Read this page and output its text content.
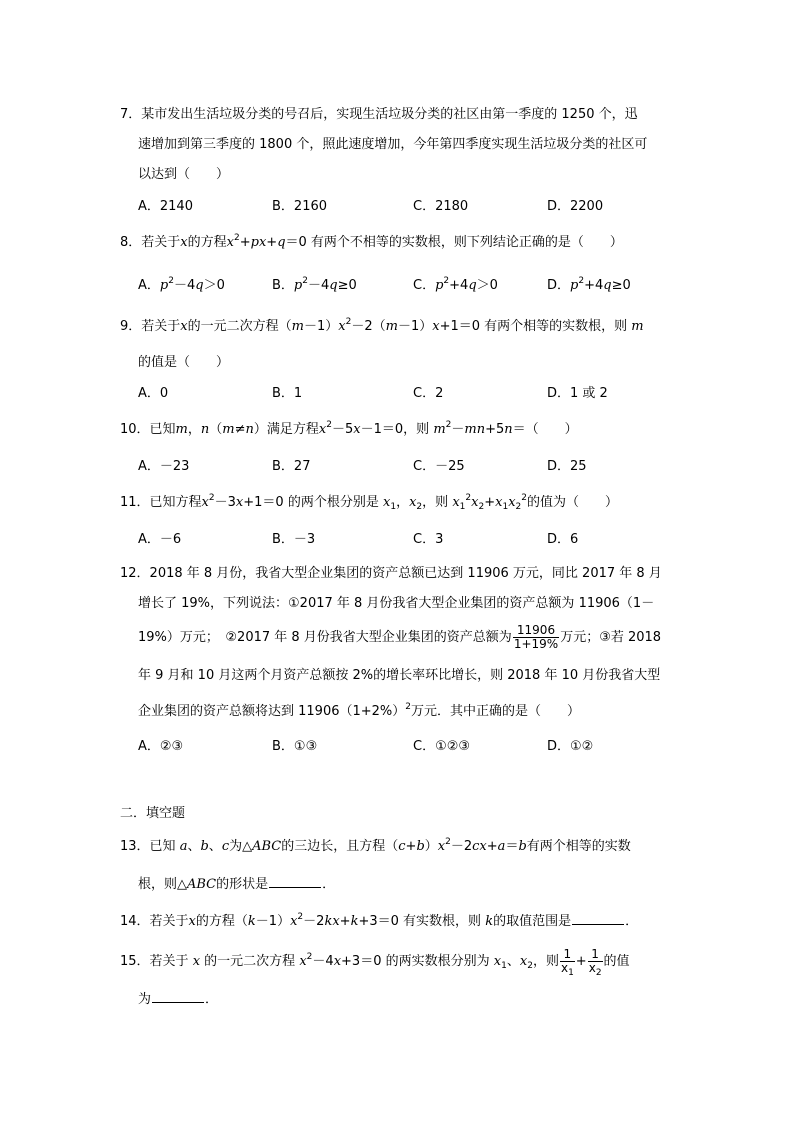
7．某市发出生活垃圾分类的号召后，实现生活垃圾分类的社区由第一季度的 1250 个，迅
速增加到第三季度的 1800 个，照此速度增加，今年第四季度实现生活垃圾分类的社区可
以达到（　　）
A．2140	B．2160	C．2180	D．2200
8．若关于x的方程$x^2+px+q=0$ 有两个不相等的实数根，则下列结论正确的是（　　）
A．$p^2-4q>0$	B．$p^2-4q\ge 0$	C．$p^2+4q>0$	D．$p^2+4q\ge 0$
9．若关于x的一元二次方程$(m-1)x^2-2(m-1)x+1=0$ 有两个相等的实数根，则 m
的值是（　　）
A．0	B．1	C．2	D．1 或 2
10．已知m，n（m≠n）满足方程$x^2-5x-1=0$，则 $m^2-mn+5n=$（　　）
A．－23	B．27	C．－25	D．25
11．已知方程$x^2-3x+1=0$ 的两个根分别是 $x_1$，$x_2$，则 $x_1^2x_2+x_1x_2^2$的值为（　　）
A．－6	B．－3	C．3	D．6
12．2018 年 8 月份，我省大型企业集团的资产总额已达到 11906 万元，同比 2017 年 8 月
增长了 19%，下列说法：①2017 年 8 月份我省大型企业集团的资产总额为 11906（1－
19%）万元；　②2017 年 8 月份我省大型企业集团的资产总额为 $\frac{11906}{1+19\%}$ 万元；③若 2018
年 9 月和 10 月这两个月资产总额按 2%的增长率环比增长，则 2018 年 10 月份我省大型
企业集团的资产总额将达到 $11906(1+2\%)^2$万元．其中正确的是（　　）
A．②③	B．①③	C．①②③	D．①②
二．填空题
13．已知 a、b、c为△ABC的三边长，且方程$(c+b)x^2-2cx+a=b$有两个相等的实数
根，则△ABC的形状是	．
14．若关于x的方程$(k-1)x^2-2kx+k+3=0$ 有实数根，则 k的取值范围是	．
15．若关于 x 的一元二次方程 $x^2-4x+3=0$ 的两实数根分别为 $x_1$、$x_2$，则 $\frac{1}{x_1} + \frac{1}{x_2}$ 的值
为	．
